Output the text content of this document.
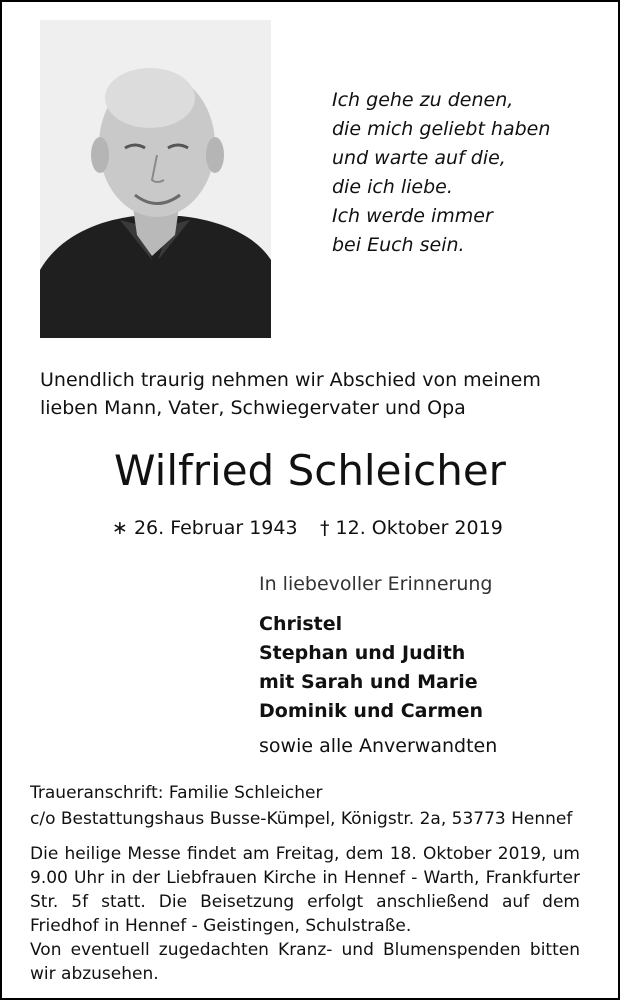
Ich gehe zu denen,
die mich geliebt haben
und warte auf die,
die ich liebe.
Ich werde immer
bei Euch sein.
Unendlich traurig nehmen wir Abschied von meinem
lieben Mann, Vater, Schwiegervater und Opa
Wilfried Schleicher
∗ 26. Februar 1943 † 12. Oktober 2019
In liebevoller Erinnerung
Christel
Stephan und Judith
mit Sarah und Marie
Dominik und Carmen
sowie alle Anverwandten
Traueranschrift: Familie Schleicher
c/o Bestattungshaus Busse-Kümpel, Königstr. 2a, 53773 Hennef

Die heilige Messe findet am Freitag, dem 18. Oktober 2019, um 9.00 Uhr in der Liebfrauen Kirche in Hennef - Warth, Frankfurter Str. 5f statt. Die Beisetzung erfolgt anschließend auf dem Friedhof in Hennef - Geistingen, Schulstraße.

Von eventuell zugedachten Kranz- und Blumenspenden bitten wir abzusehen.
